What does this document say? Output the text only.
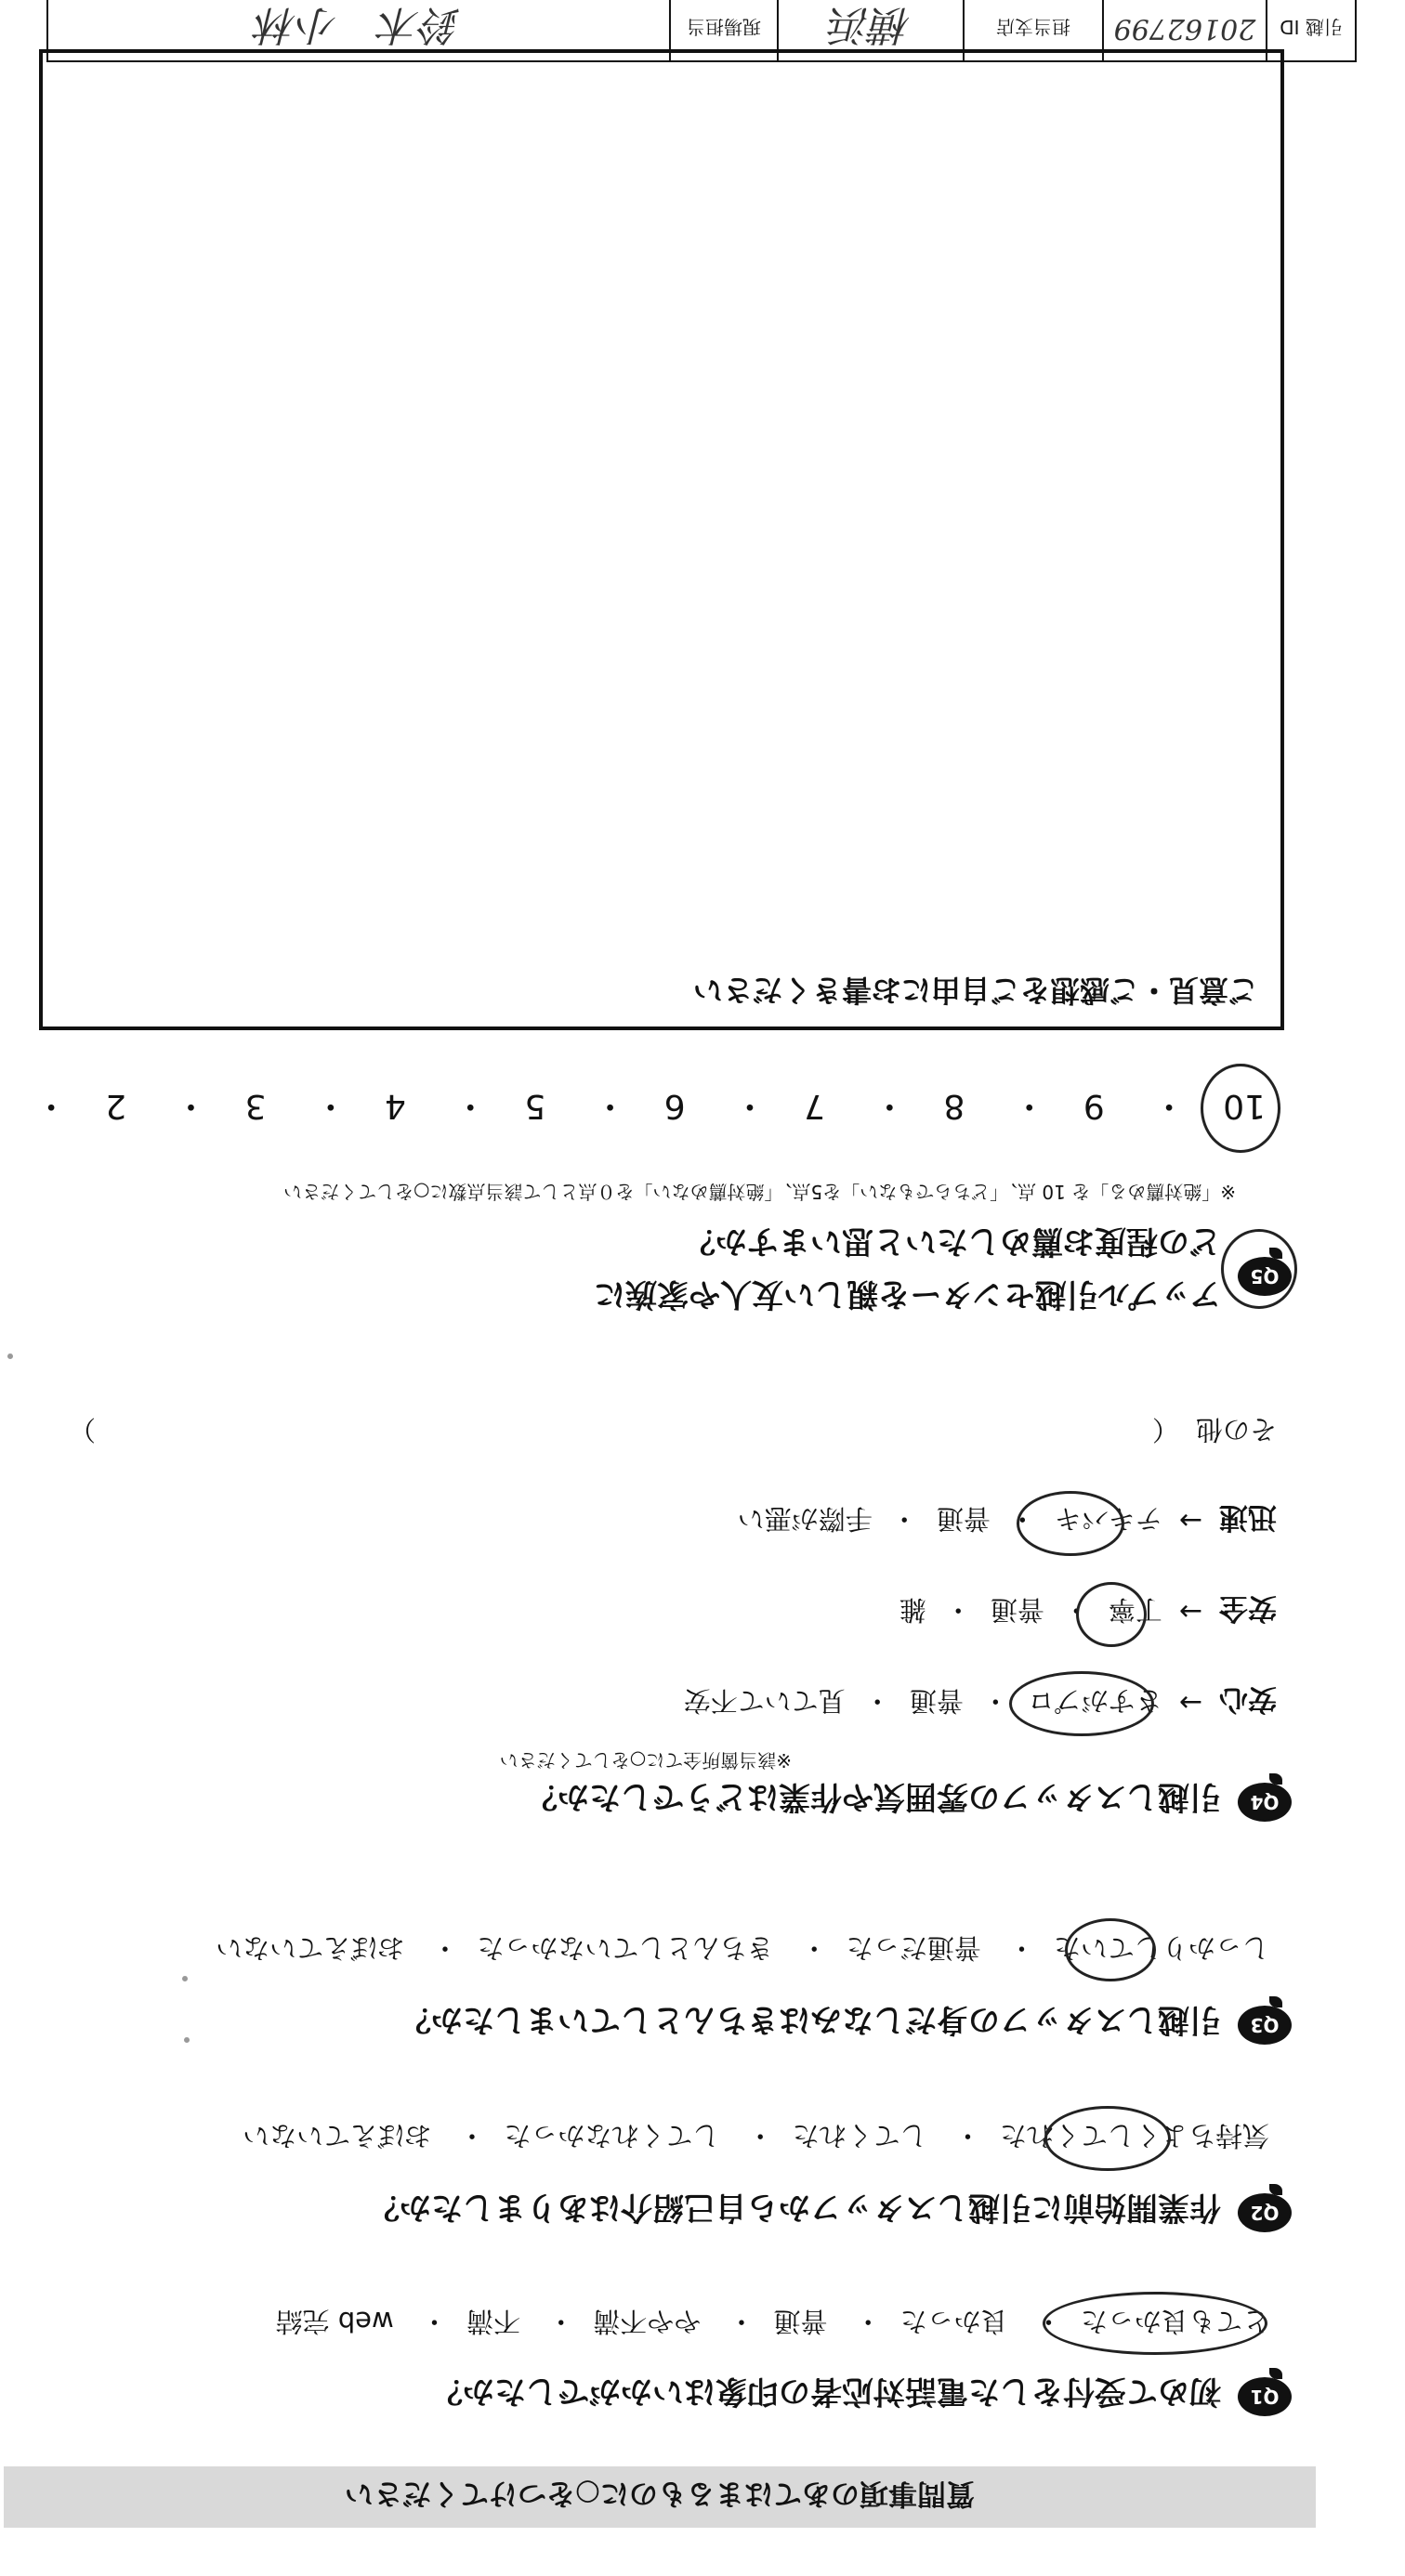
質問事項のあてはまるものに○をつけてください
Q1
初めて受付をした電話対応者の印象はいかがでしたか？
とても良かった・ 良かった・ 普通・ やや不満・ 不満・ web 完結
Q2
作業開始前に引越しスタッフから自己紹介はありましたか？
気持ちよくしてくれた・ してくれた・ してくれなかった・ おぼえていない
Q3
引越しスタッフの身だしなみはきちんとしていましたか？
しっかりしていた・ 普通だった・ きちんとしていなかった・ おぼえていない
Q4
引越しスタッフの雰囲気や作業はどうでしたか？
※該当箇所全てに○をしてください
安心
→
さすがプロ・普通・見ていて不安
安全
→
丁寧・普通・雑
迅速
→
テキパキ・普通・手際が悪い
その他
（
）
Q5
アップル引越センターを親しい友人や家族に
どの程度お薦めしたいと思いますか？
※「絶対薦める」を 10 点、「どちらでもない」を5点、「絶対薦めない」を０点として該当点数に○をしてください
10・ 9・ 8・ 7・ 6・ 5・ 4・ 3・ 2・
ご意見・ご感想をご自由にお書きください
引越 ID
20162799
担当支店
横浜
現場担当
鈴木　小林
